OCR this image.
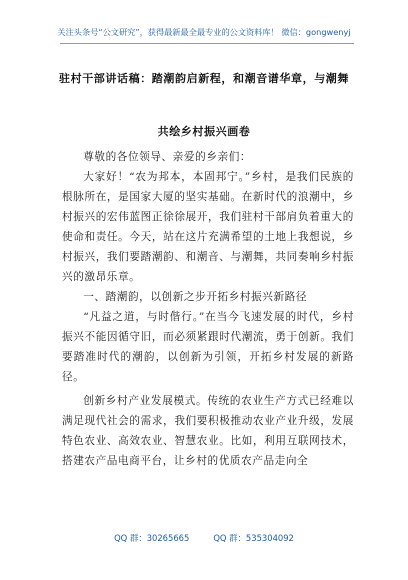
关注头条号“公文研究”，获得最新最全最专业的公文资料库！ 微信：gongwenyj
驻村干部讲话稿：踏潮韵启新程，和潮音谱华章，与潮舞
共绘乡村振兴画卷

尊敬的各位领导、亲爱的乡亲们：

大家好！“农为邦本，本固邦宁。”乡村，是我们民族的根脉所在，是国家大厦的坚实基础。在新时代的浪潮中，乡村振兴的宏伟蓝图正徐徐展开，我们驻村干部肩负着重大的使命和责任。今天，站在这片充满希望的土地上我想说，乡村振兴，我们要踏潮韵、和潮音、与潮舞，共同奏响乡村振兴的激昂乐章。

一、踏潮韵，以创新之步开拓乡村振兴新路径

“凡益之道，与时偕行。”在当今飞速发展的时代，乡村振兴不能因循守旧，而必须紧跟时代潮流，勇于创新。我们要踏准时代的潮韵，以创新为引领，开拓乡村发展的新路径。

创新乡村产业发展模式。传统的农业生产方式已经难以满足现代社会的需求，我们要积极推动农业产业升级，发展特色农业、高效农业、智慧农业。比如，利用互联网技术，搭建农产品电商平台，让乡村的优质农产品走向全

QQ 群：30265665	QQ 群：535304092
